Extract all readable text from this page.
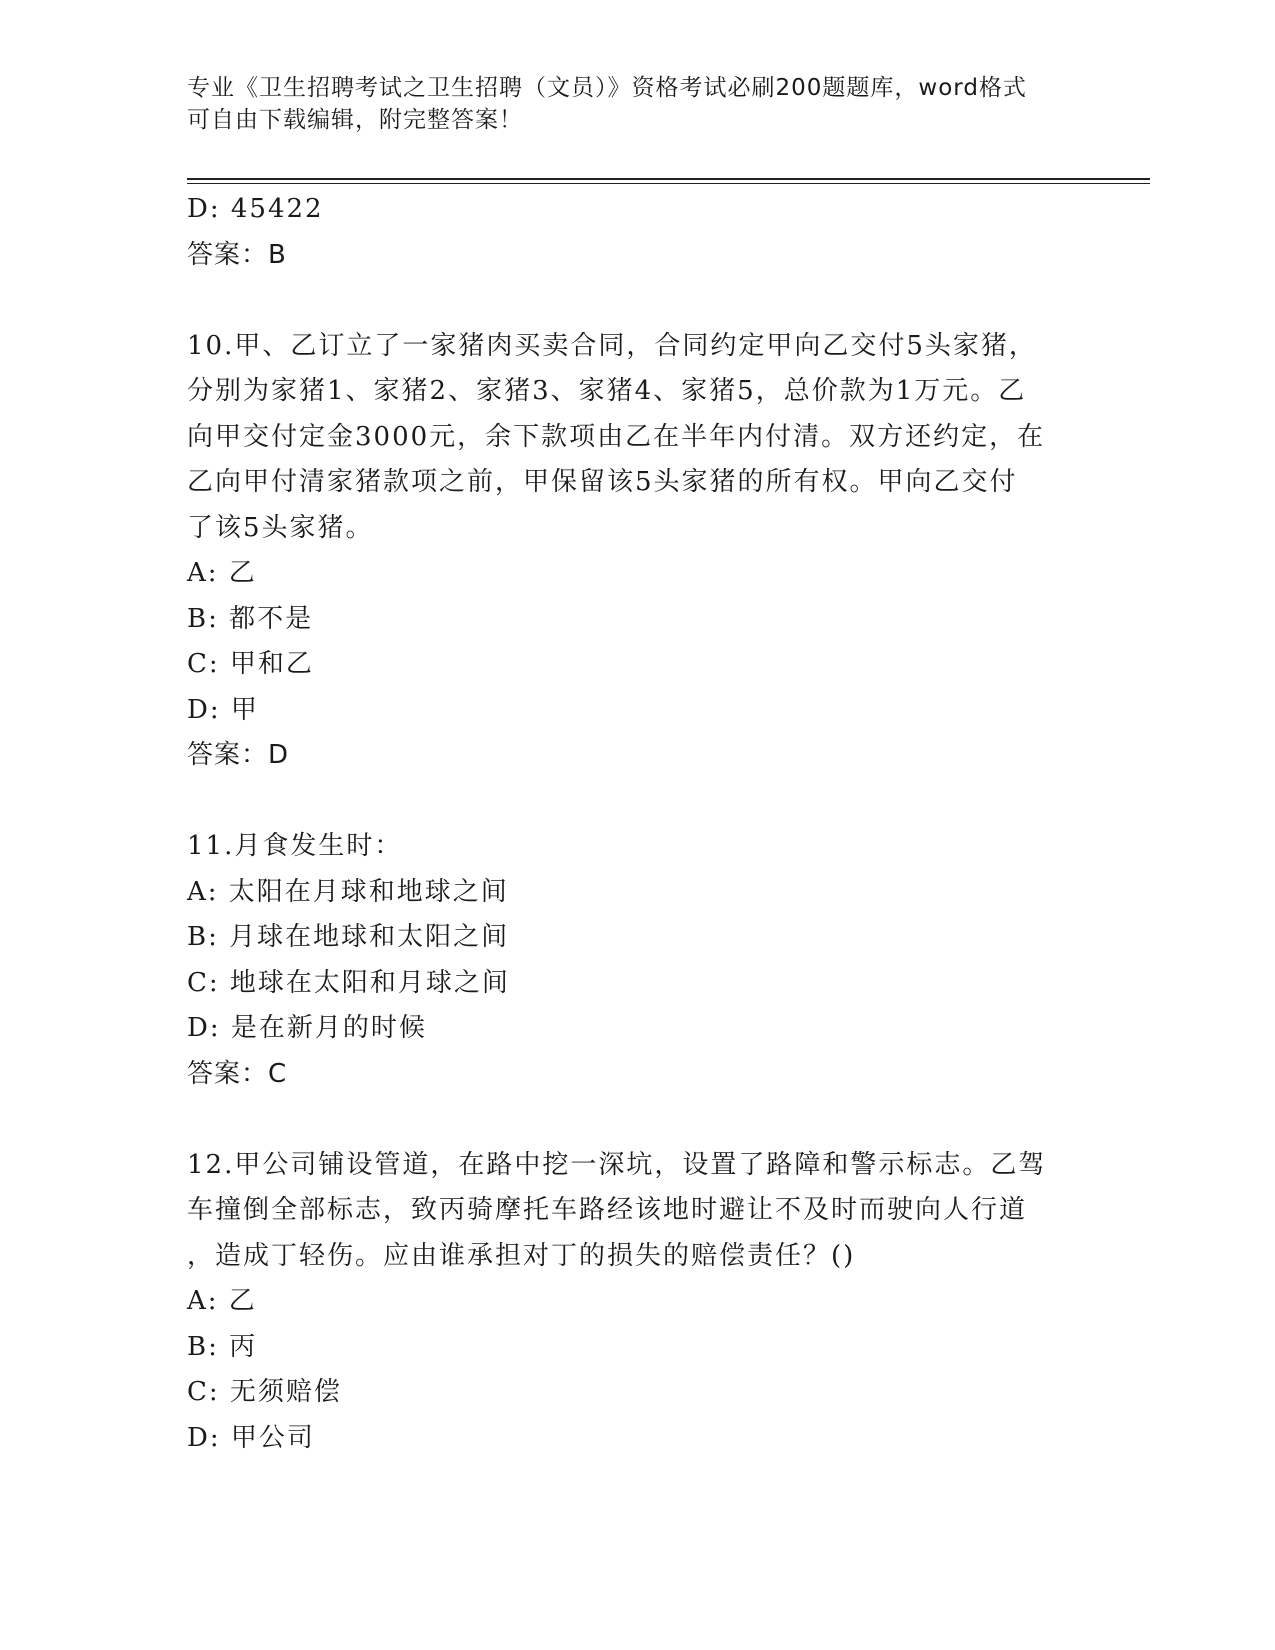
专业《卫生招聘考试之卫生招聘（文员）》资格考试必刷200题题库，word格式
可自由下载编辑，附完整答案！
D: 45422
答案：B
10.甲、乙订立了一家猪肉买卖合同，合同约定甲向乙交付5头家猪，
分别为家猪1、家猪2、家猪3、家猪4、家猪5，总价款为1万元。乙
向甲交付定金3000元，余下款项由乙在半年内付清。双方还约定，在
乙向甲付清家猪款项之前，甲保留该5头家猪的所有权。甲向乙交付
了该5头家猪。
A: 乙
B: 都不是
C: 甲和乙
D: 甲
答案：D
11.月食发生时：
A: 太阳在月球和地球之间
B: 月球在地球和太阳之间
C: 地球在太阳和月球之间
D: 是在新月的时候
答案：C
12.甲公司铺设管道，在路中挖一深坑，设置了路障和警示标志。乙驾
车撞倒全部标志，致丙骑摩托车路经该地时避让不及时而驶向人行道
，造成丁轻伤。应由谁承担对丁的损失的赔偿责任？()
A: 乙
B: 丙
C: 无须赔偿
D: 甲公司
